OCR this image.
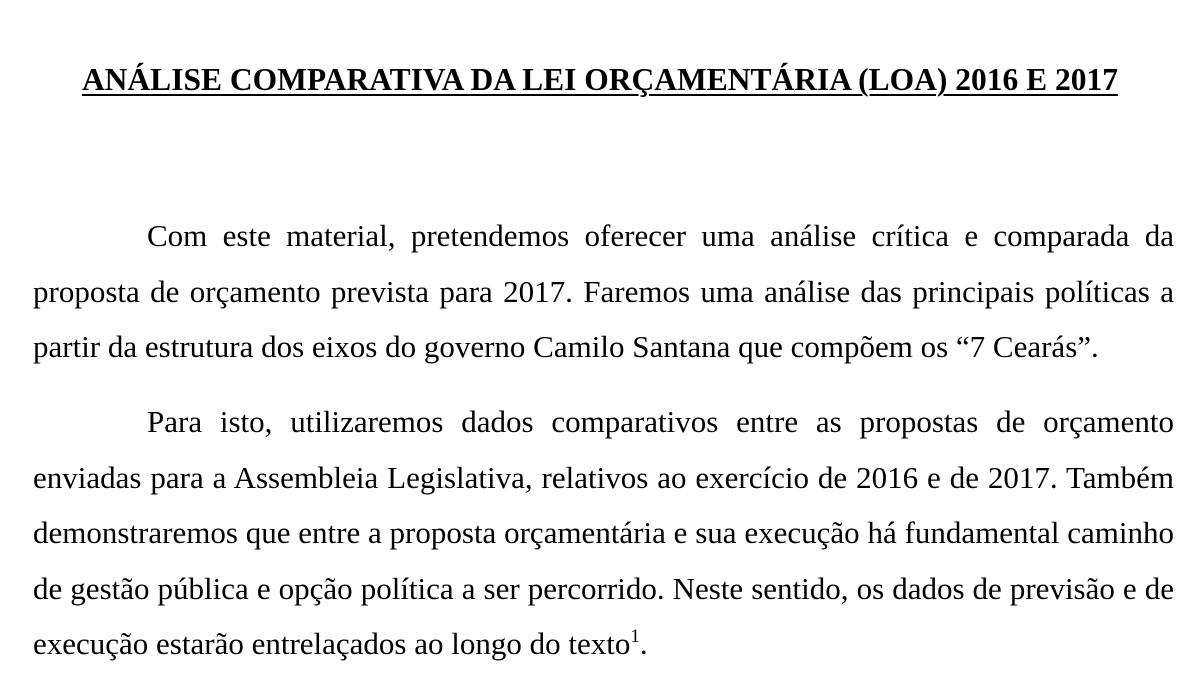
ANÁLISE COMPARATIVA DA LEI ORÇAMENTÁRIA (LOA) 2016 E 2017

Com este material, pretendemos oferecer uma análise crítica e comparada da proposta de orçamento prevista para 2017. Faremos uma análise das principais políticas a partir da estrutura dos eixos do governo Camilo Santana que compõem os “7 Cearás”.

Para isto, utilizaremos dados comparativos entre as propostas de orçamento enviadas para a Assembleia Legislativa, relativos ao exercício de 2016 e de 2017. Também demonstraremos que entre a proposta orçamentária e sua execução há fundamental caminho de gestão pública e opção política a ser percorrido. Neste sentido, os dados de previsão e de execução estarão entrelaçados ao longo do texto$^1$.
